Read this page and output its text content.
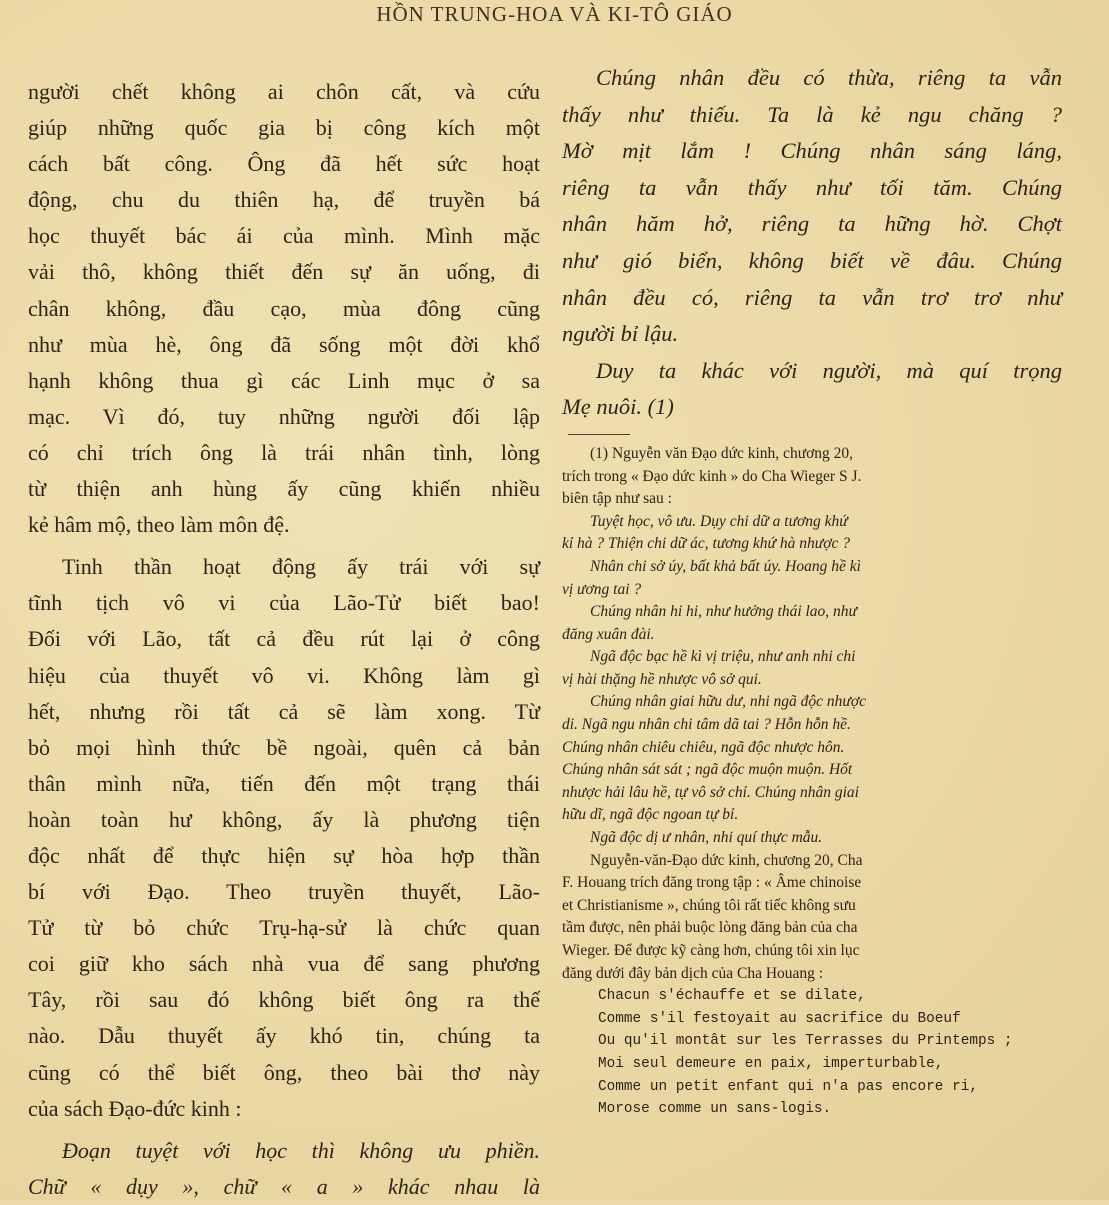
HỒN TRUNG-HOA VÀ KI-TÔ GIÁO
người chết không ai chôn cất, và cứu
giúp những quốc gia bị công kích một
cách bất công. Ông đã hết sức hoạt
động, chu du thiên hạ, để truyền bá
học thuyết bác ái của mình. Mình mặc
vải thô, không thiết đến sự ăn uống, đi
chân không, đầu cạo, mùa đông cũng
như mùa hè, ông đã sống một đời khổ
hạnh không thua gì các Linh mục ở sa
mạc. Vì đó, tuy những người đối lập
có chỉ trích ông là trái nhân tình, lòng
từ thiện anh hùng ấy cũng khiến nhiều
kẻ hâm mộ, theo làm môn đệ.
Tinh thần hoạt động ấy trái với sự
tĩnh tịch vô vi của Lão-Tử biết bao!
Đối với Lão, tất cả đều rút lại ở công
hiệu của thuyết vô vi. Không làm gì
hết, nhưng rồi tất cả sẽ làm xong. Từ
bỏ mọi hình thức bề ngoài, quên cả bản
thân mình nữa, tiến đến một trạng thái
hoàn toàn hư không, ấy là phương tiện
độc nhất để thực hiện sự hòa hợp thần
bí với Đạo. Theo truyền thuyết, Lão-
Tử từ bỏ chức Trụ-hạ-sử là chức quan
coi giữ kho sách nhà vua để sang phương
Tây, rồi sau đó không biết ông ra thế
nào. Dẫu thuyết ấy khó tin, chúng ta
cũng có thể biết ông, theo bài thơ này
của sách Đạo-đức kinh :
Đoạn tuyệt với học thì không ưu phiền.
Chữ « dụy », chữ « a » khác nhau là
Chúng nhân đều có thừa, riêng ta vẫn
thấy như thiếu. Ta là kẻ ngu chăng ?
Mờ mịt lắm ! Chúng nhân sáng láng,
riêng ta vẫn thấy như tối tăm. Chúng
nhân hăm hở, riêng ta hững hờ. Chợt
như gió biển, không biết về đâu. Chúng
nhân đều có, riêng ta vẫn trơ trơ như
người bỉ lậu.
Duy ta khác với người, mà quí trọng
Mẹ nuôi. (1)
(1) Nguyễn văn Đạo dức kinh, chương 20,
trích trong « Đạo dức kinh » do Cha Wieger S J.
biên tập như sau :
Tuyệt học, vô ưu. Dụy chi dữ a tương khứ
kỉ hà ? Thiện chi dữ ác, tương khứ hà nhược ?
Nhân chi sở úy, bất khả bất úy. Hoang hề kì
vị ương tai ?
Chúng nhân hi hi, như hưởng thái lao, như
đăng xuân đài.
Ngã độc bạc hề kì vị triệu, như anh nhi chi
vị hài thặng hề nhược vô sở qui.
Chúng nhân giai hữu dư, nhi ngã độc nhược
di. Ngã ngu nhân chi tâm dã tai ? Hỗn hỗn hề.
Chúng nhân chiêu chiêu, ngã độc nhược hôn.
Chúng nhân sát sát ; ngã độc muộn muộn. Hốt
nhược hải lâu hề, tự vô sở chỉ. Chúng nhân giai
hữu dĩ, ngã độc ngoan tự bỉ.
Ngã độc dị ư nhân, nhi quí thực mẫu.
Nguyễn-văn-Đạo dức kinh, chương 20, Cha
F. Houang trích đăng trong tập : « Âme chinoise
et Christianisme », chúng tôi rất tiếc không sưu
tầm được, nên phải buộc lòng đăng bản của cha
Wieger. Để được kỹ càng hơn, chúng tôi xin lục
đăng dưới đây bản dịch của Cha Houang :
Chacun s'échauffe et se dilate,
Comme s'il festoyait au sacrifice du Boeuf
Ou qu'il montât sur les Terrasses du Printemps ;
Moi seul demeure en paix, imperturbable,
Comme un petit enfant qui n'a pas encore ri,
Morose comme un sans-logis.
